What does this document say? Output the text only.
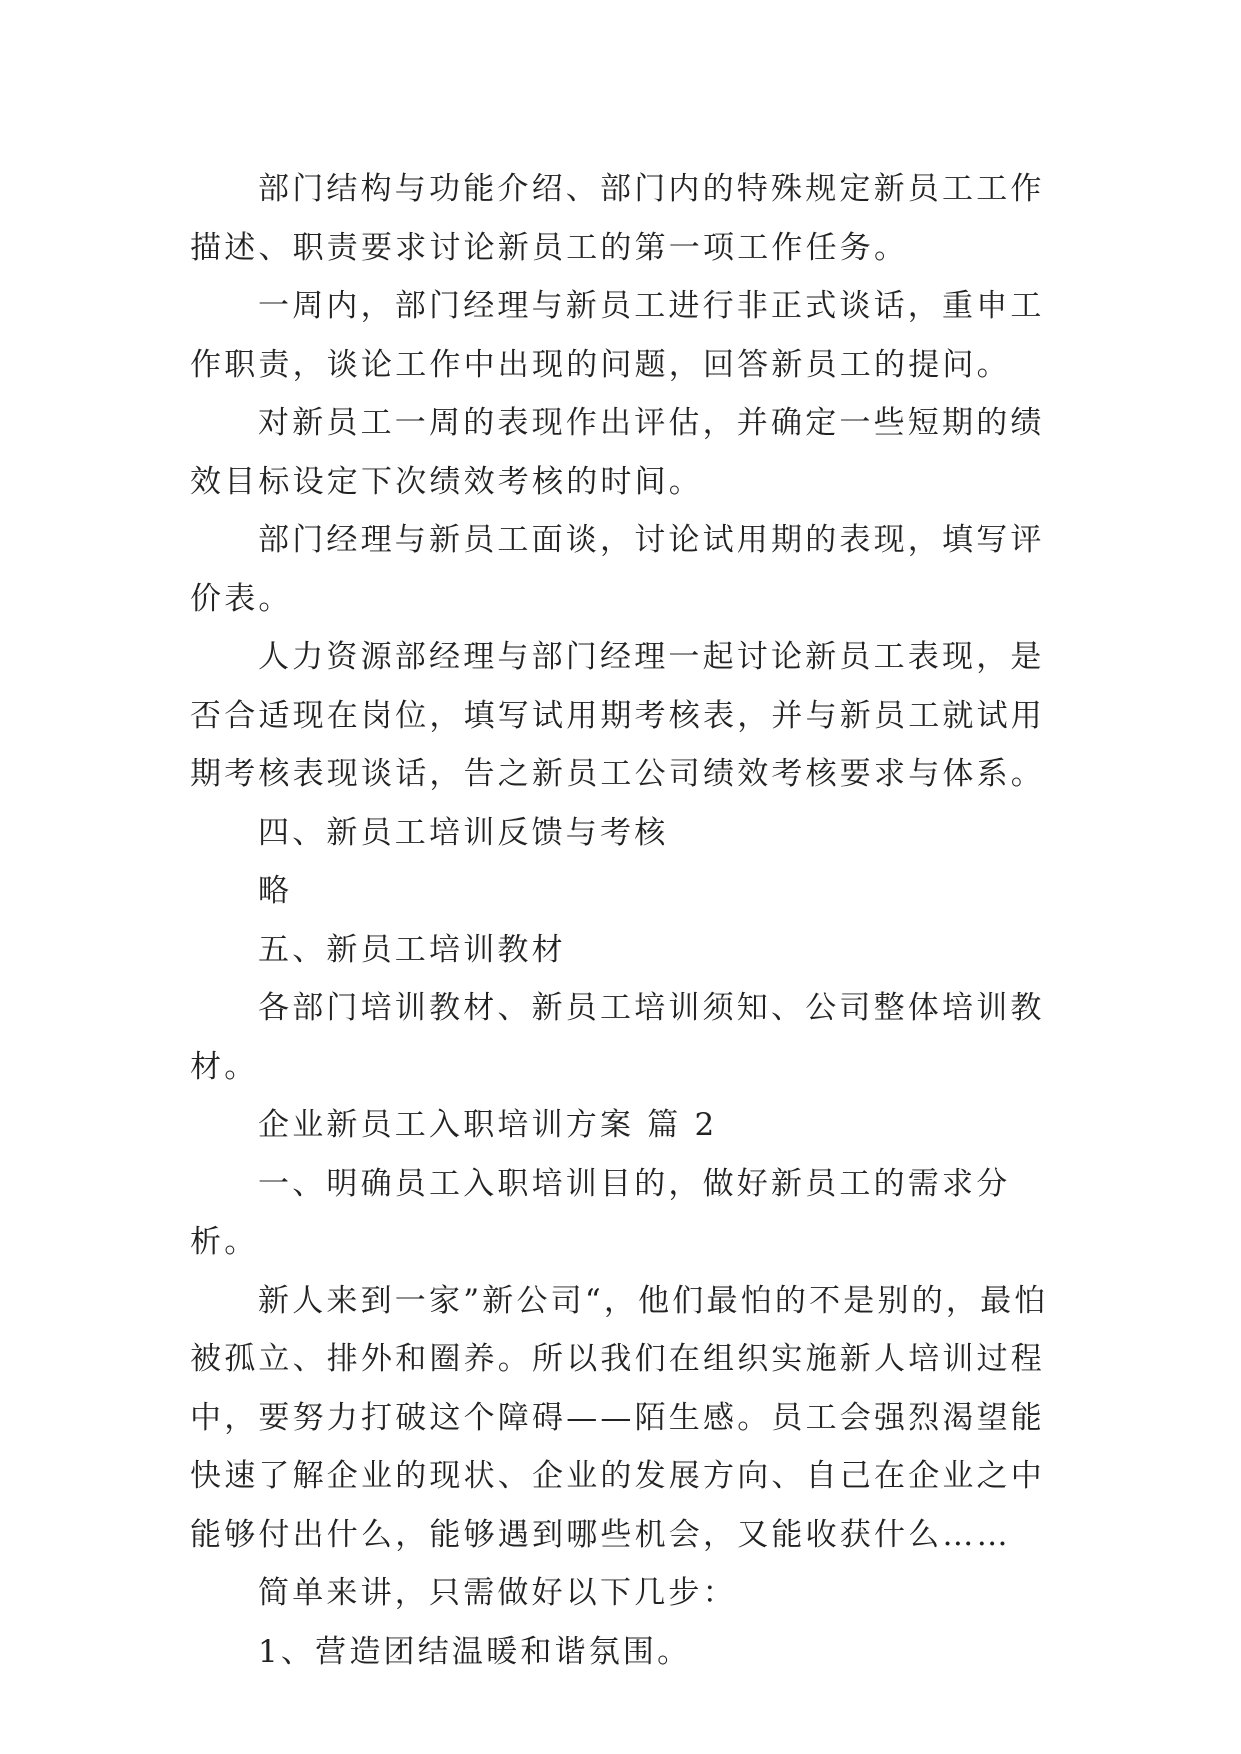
部门结构与功能介绍、部门内的特殊规定新员工工作描述、职责要求讨论新员工的第一项工作任务。

一周内，部门经理与新员工进行非正式谈话，重申工作职责，谈论工作中出现的问题，回答新员工的提问。

对新员工一周的表现作出评估，并确定一些短期的绩效目标设定下次绩效考核的时间。

部门经理与新员工面谈，讨论试用期的表现，填写评价表。

人力资源部经理与部门经理一起讨论新员工表现，是否合适现在岗位，填写试用期考核表，并与新员工就试用期考核表现谈话，告之新员工公司绩效考核要求与体系。

四、新员工培训反馈与考核

略

五、新员工培训教材

各部门培训教材、新员工培训须知、公司整体培训教材。

企业新员工入职培训方案 篇 2

一、明确员工入职培训目的，做好新员工的需求分析。

新人来到一家”新公司“，他们最怕的不是别的，最怕被孤立、排外和圈养。所以我们在组织实施新人培训过程中，要努力打破这个障碍——陌生感。员工会强烈渴望能快速了解企业的现状、企业的发展方向、自己在企业之中能够付出什么，能够遇到哪些机会，又能收获什么……

简单来讲，只需做好以下几步：

1、营造团结温暖和谐氛围。
